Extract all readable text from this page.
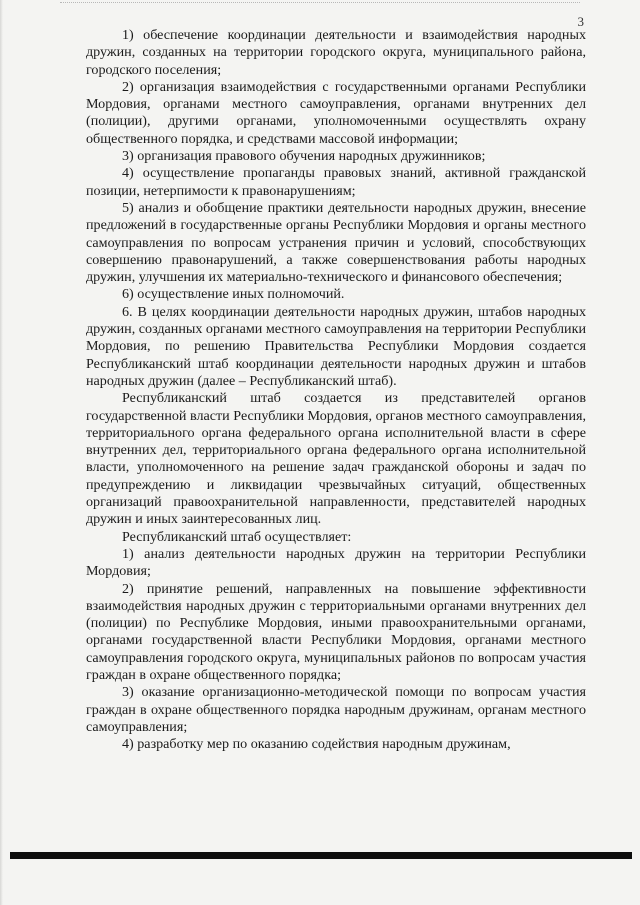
3

1) обеспечение координации деятельности и взаимодействия народных дружин, созданных на территории городского округа, муниципального района, городского поселения;

2) организация взаимодействия с государственными органами Республики Мордовия, органами местного самоуправления, органами внутренних дел (полиции), другими органами, уполномоченными осуществлять охрану общественного порядка, и средствами массовой информации;

3) организация правового обучения народных дружинников;

4) осуществление пропаганды правовых знаний, активной гражданской позиции, нетерпимости к правонарушениям;

5) анализ и обобщение практики деятельности народных дружин, внесение предложений в государственные органы Республики Мордовия и органы местного самоуправления по вопросам устранения причин и условий, способствующих совершению правонарушений, а также совершенствования работы народных дружин, улучшения их материально-технического и финансового обеспечения;

6) осуществление иных полномочий.

6. В целях координации деятельности народных дружин, штабов народных дружин, созданных органами местного самоуправления на территории Республики Мордовия, по решению Правительства Республики Мордовия создается Республиканский штаб координации деятельности народных дружин и штабов народных дружин (далее – Республиканский штаб).

Республиканский штаб создается из представителей органов государственной власти Республики Мордовия, органов местного самоуправления, территориального органа федерального органа исполнительной власти в сфере внутренних дел, территориального органа федерального органа исполнительной власти, уполномоченного на решение задач гражданской обороны и задач по предупреждению и ликвидации чрезвычайных ситуаций, общественных организаций правоохранительной направленности, представителей народных дружин и иных заинтересованных лиц.

Республиканский штаб осуществляет:

1) анализ деятельности народных дружин на территории Республики Мордовия;

2) принятие решений, направленных на повышение эффективности взаимодействия народных дружин с территориальными органами внутренних дел (полиции) по Республике Мордовия, иными правоохранительными органами, органами государственной власти Республики Мордовия, органами местного самоуправления городского округа, муниципальных районов по вопросам участия граждан в охране общественного порядка;

3) оказание организационно-методической помощи по вопросам участия граждан в охране общественного порядка народным дружинам, органам местного самоуправления;

4) разработку мер по оказанию содействия народным дружинам,
